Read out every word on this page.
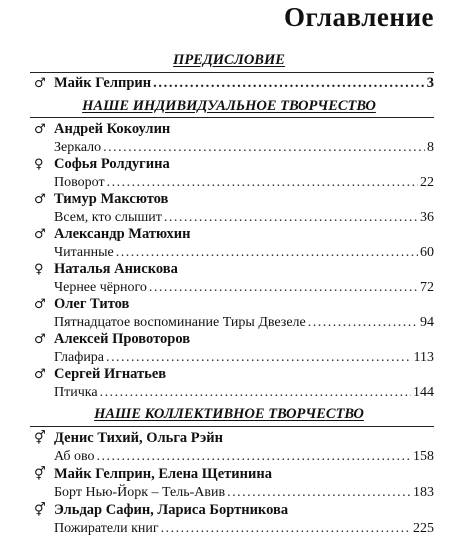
Оглавление
ПРЕДИСЛОВИЕ
♂ Майк Гелприн . . .	3
НАШЕ ИНДИВИДУАЛЬНОЕ ТВОРЧЕСТВО
♂ Андрей Кокоулин
Зеркало . . .	8
♀ Софья Ролдугина
Поворот . . .	22
♂ Тимур Максютов
Всем, кто слышит . . .	36
♂ Александр Матюхин
Читанные . . .	60
♀ Наталья Анискова
Чернее чёрного . . .	72
♂ Олег Титов
Пятнадцатое воспоминание Тиры Двезеле . . .	94
♂ Алексей Провоторов
Глафира . . .	113
♂ Сергей Игнатьев
Птичка . . .	144
НАШЕ КОЛЛЕКТИВНОЕ ТВОРЧЕСТВО
⚥ Денис Тихий, Ольга Рэйн
Аб ово . . .	158
⚥ Майк Гелприн, Елена Щетинина
Борт Нью-Йорк – Тель-Авив . . .	183
⚥ Эльдар Сафин, Лариса Бортникова
Пожиратели книг . . .	225
